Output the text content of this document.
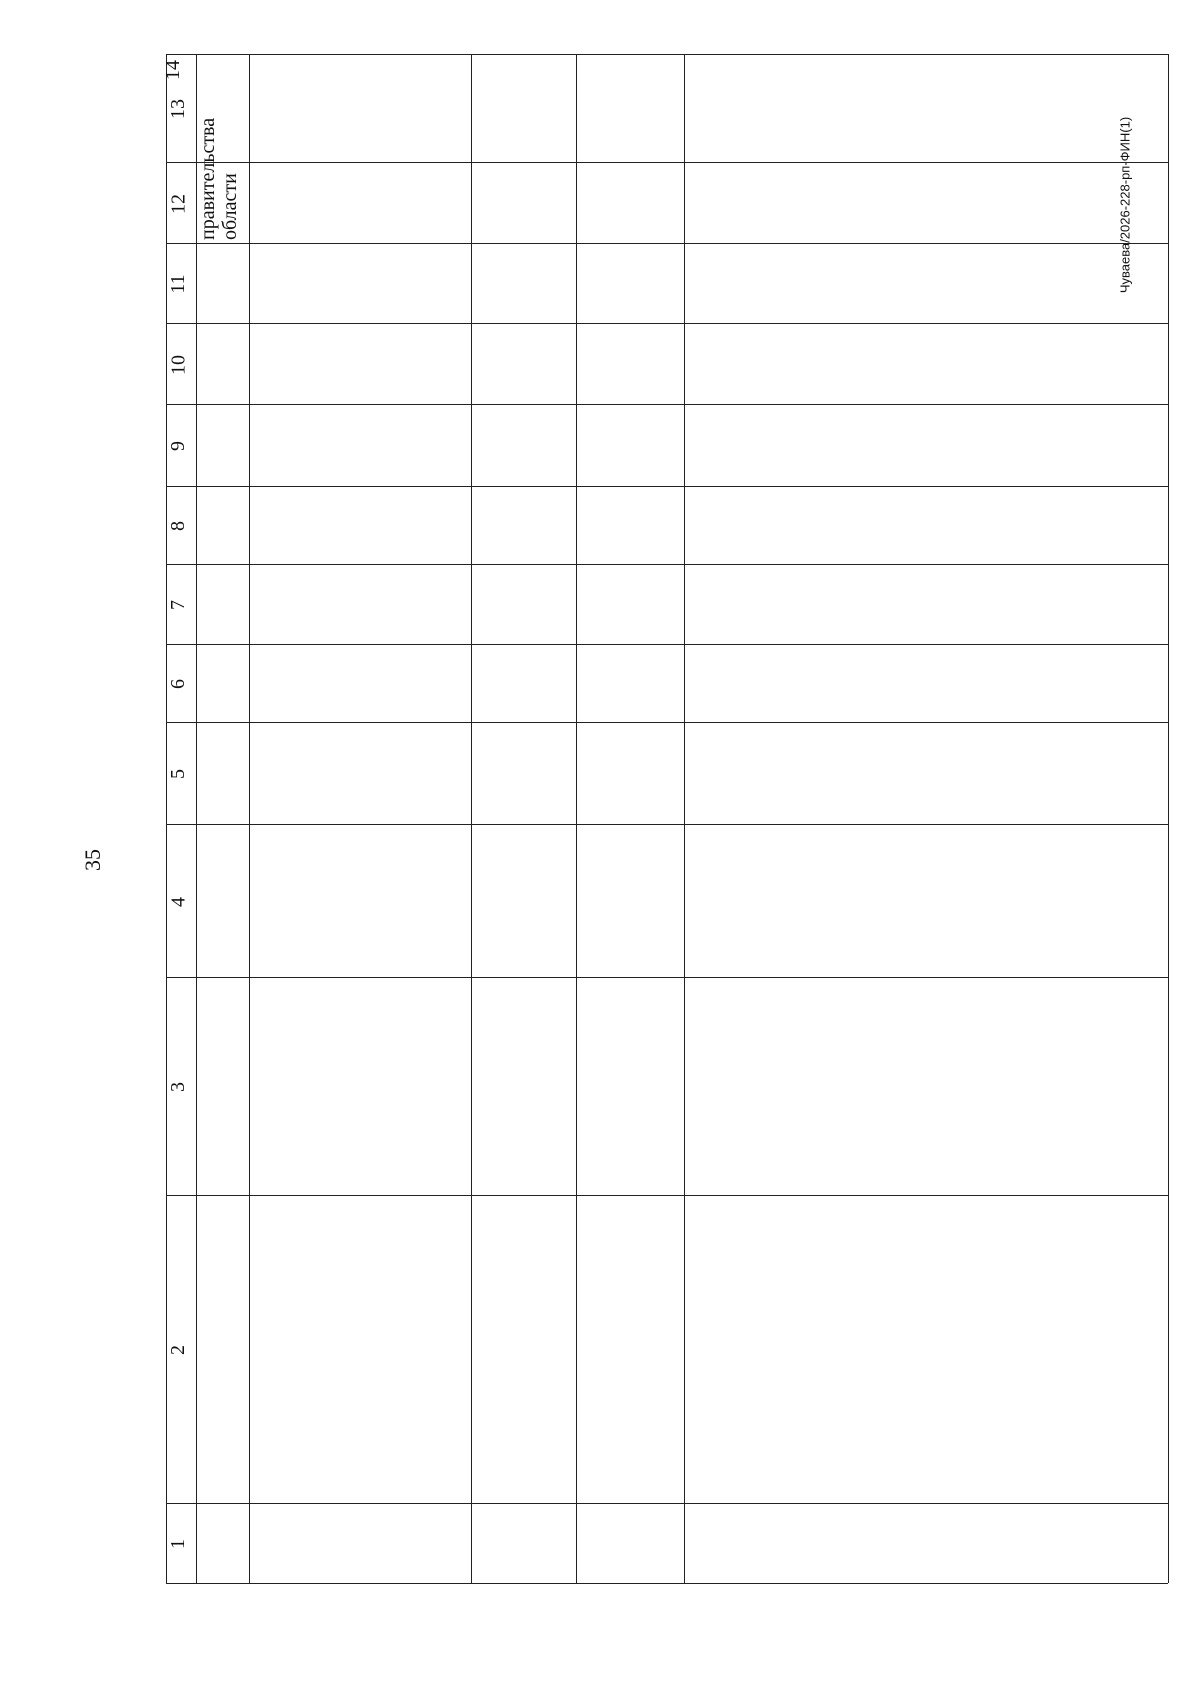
35
Чуваева/2026-228-рп-ФИН(1)
1
2
3
4
5
6
7
8
9
10
11
12
13
14
правительства области
